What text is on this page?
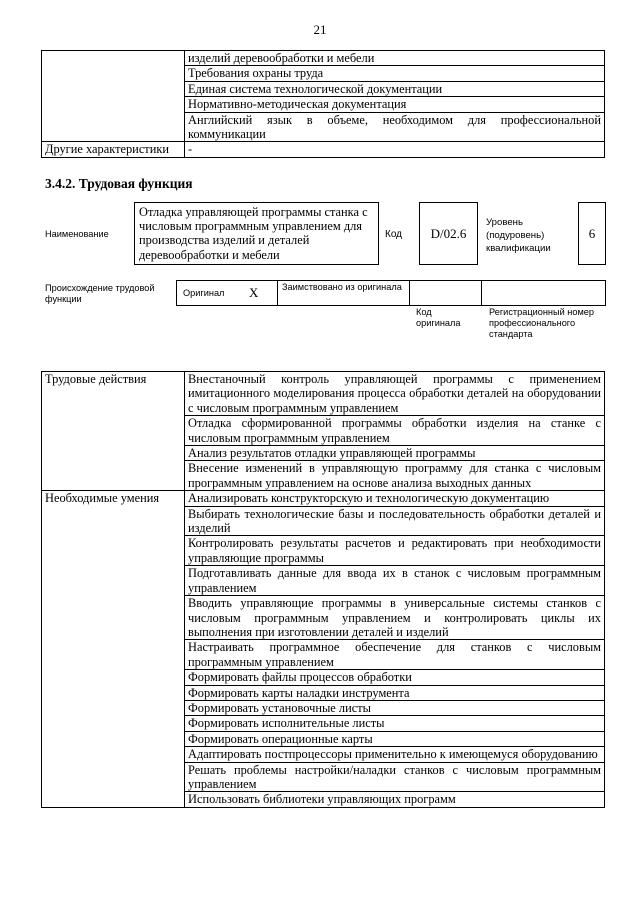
21
	изделий деревообработки и мебели
	Требования охраны труда
	Единая система технологической документации
	Нормативно-методическая документация
	Английский язык в объеме, необходимом для профессиональной коммуникации
Другие характеристики	-
3.4.2. Трудовая функция
Наименование
Отладка управляющей программы станка с числовым программным управлением для производства изделий и деталей деревообработки и мебели
Код	D/02.6
Уровень (подуровень) квалификации
6
Происхождение трудовой функции
Оригинал X	Заимствовано из оригинала
Код оригинала
Регистрационный номер профессионального стандарта
Трудовые действия	Внестаночный контроль управляющей программы с применением имитационного моделирования процесса обработки деталей на оборудовании с числовым программным управлением
	Отладка сформированной программы обработки изделия на станке с числовым программным управлением
	Анализ результатов отладки управляющей программы
	Внесение изменений в управляющую программу для станка с числовым программным управлением на основе анализа выходных данных
Необходимые умения	Анализировать конструкторскую и технологическую документацию
	Выбирать технологические базы и последовательность обработки деталей и изделий
	Контролировать результаты расчетов и редактировать при необходимости управляющие программы
	Подготавливать данные для ввода их в станок с числовым программным управлением
	Вводить управляющие программы в универсальные системы станков с числовым программным управлением и контролировать циклы их выполнения при изготовлении деталей и изделий
	Настраивать программное обеспечение для станков с числовым программным управлением
	Формировать файлы процессов обработки
	Формировать карты наладки инструмента
	Формировать установочные листы
	Формировать исполнительные листы
	Формировать операционные карты
	Адаптировать постпроцессоры применительно к имеющемуся оборудованию
	Решать проблемы настройки/наладки станков с числовым программным управлением
	Использовать библиотеки управляющих программ
